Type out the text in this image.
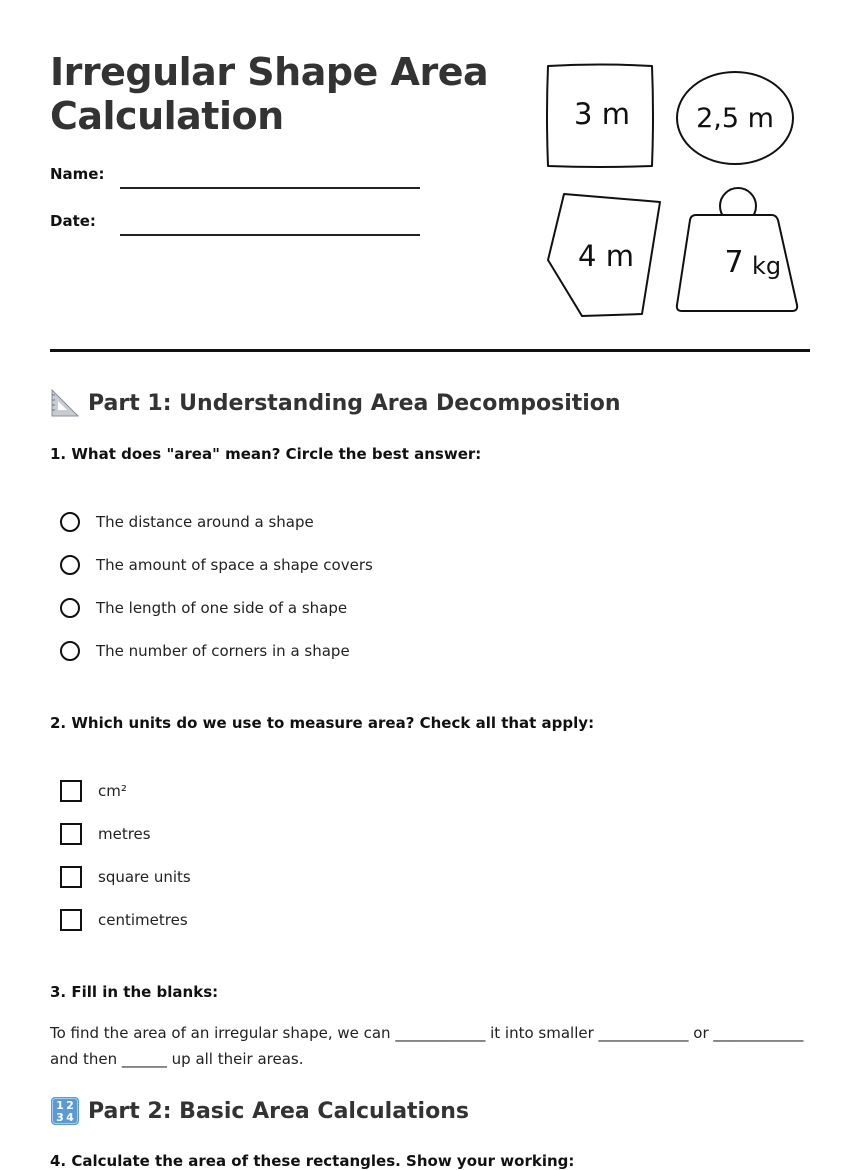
Irregular Shape Area Calculation
Name:
Date:
3 m 2,5 m
4 m	7 kg
Part 1: Understanding Area Decomposition

1. What does "area" mean? Circle the best answer:

The distance around a shape
The amount of space a shape covers
The length of one side of a shape
The number of corners in a shape

2. Which units do we use to measure area? Check all that apply:

cm²
metres
square units
centimetres

3. Fill in the blanks:

To find the area of an irregular shape, we can ____________ it into smaller ____________ or ____________ and then ______ up all their areas.

1 2
3 4 Part 2: Basic Area Calculations
4. Calculate the area of these rectangles. Show your working:
